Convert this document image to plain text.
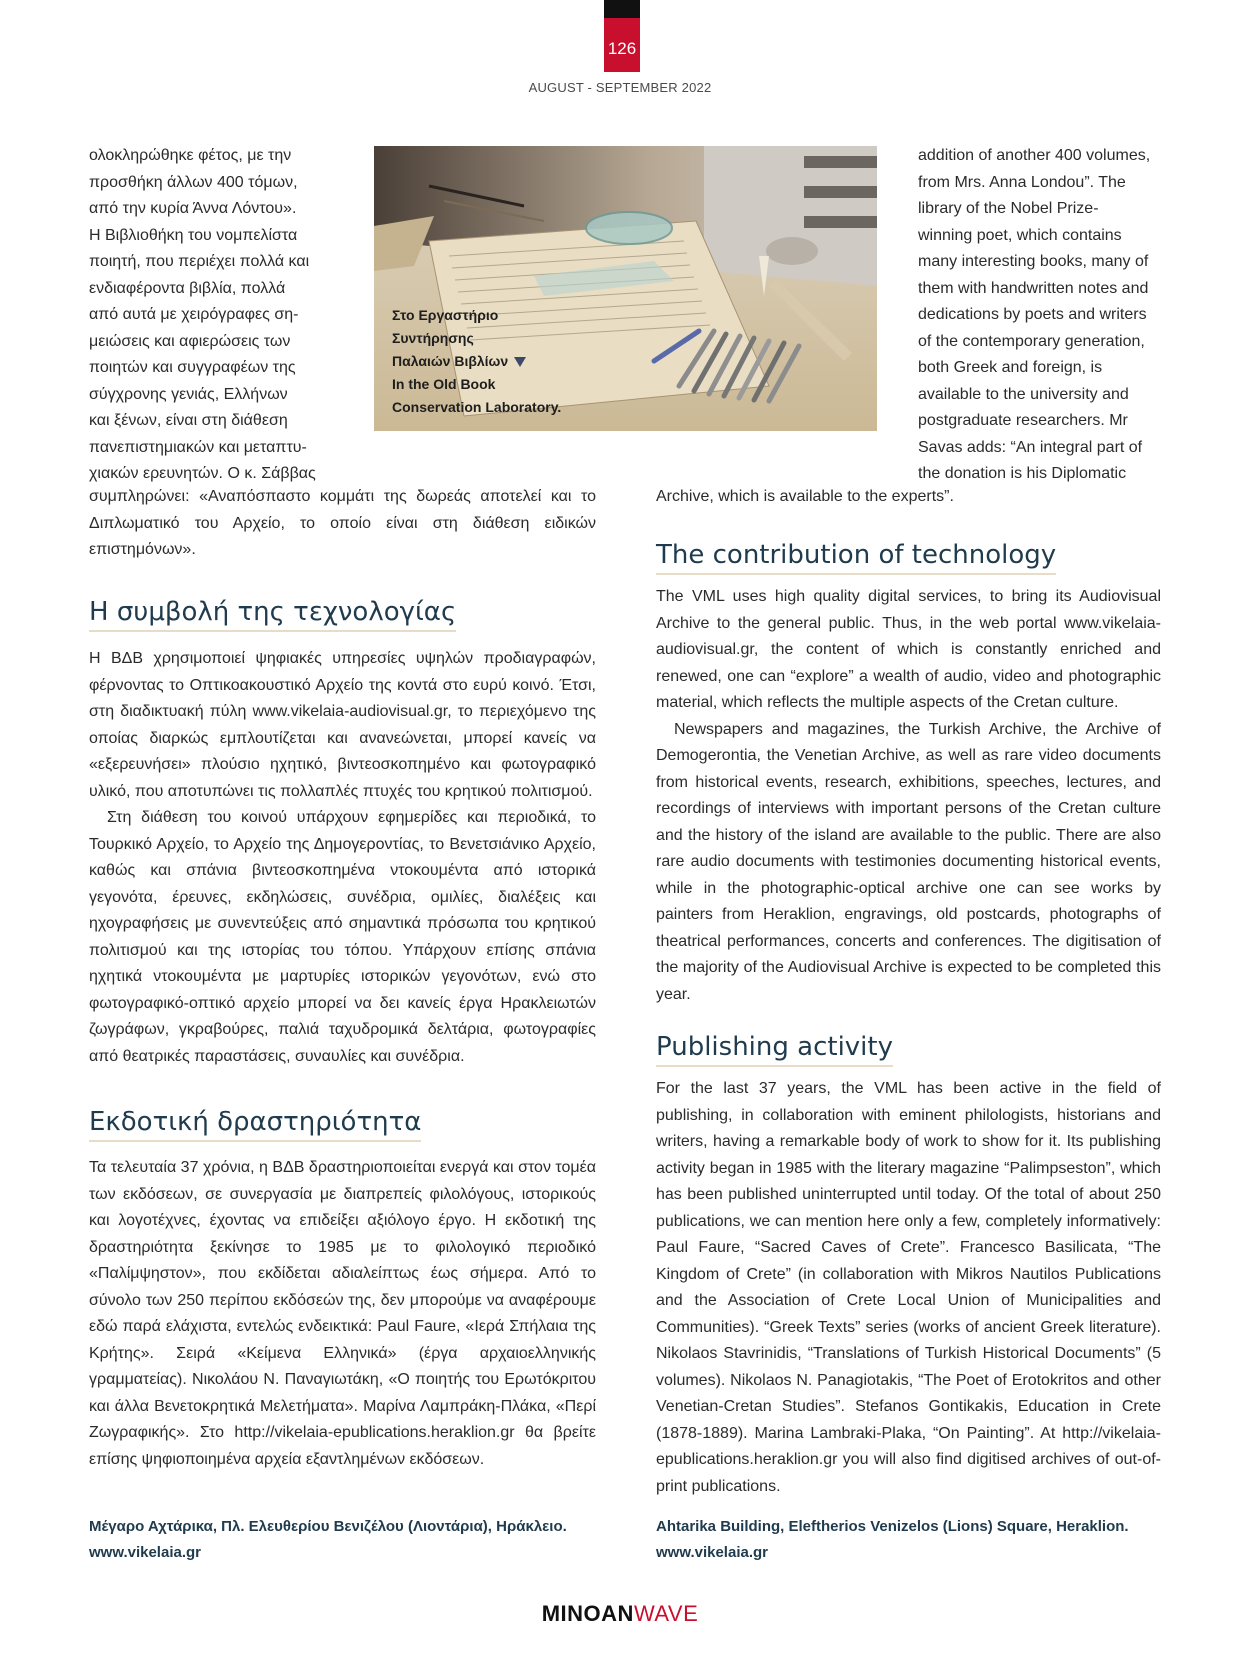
126
AUGUST - SEPTEMBER 2022
ολοκληρώθηκε φέτος, με την
προσθήκη άλλων 400 τόμων,
από την κυρία Άννα Λόντου».
Η Βιβλιοθήκη του νομπελίστα
ποιητή, που περιέχει πολλά και
ενδιαφέροντα βιβλία, πολλά
από αυτά με χειρόγραφες ση-
μειώσεις και αφιερώσεις των
ποιητών και συγγραφέων της
σύγχρονης γενιάς, Ελλήνων
και ξένων, είναι στη διάθεση
πανεπιστημιακών και μεταπτυ-
χιακών ερευνητών. Ο κ. Σάββας

συμπληρώνει: «Αναπόσπαστο κομμάτι της δωρεάς αποτελεί και το Διπλωματικό του Αρχείο, το οποίο είναι στη διάθεση ειδικών επιστημόνων».

Η συμβολή της τεχνολογίας

Η ΒΔΒ χρησιμοποιεί ψηφιακές υπηρεσίες υψηλών προδιαγραφών, φέρνοντας το Οπτικοακουστικό Αρχείο της κοντά στο ευρύ κοινό. Έτσι, στη διαδικτυακή πύλη www.vikelaia-audiovisual.gr, το περιεχόμενο της οποίας διαρκώς εμπλουτίζεται και ανανεώνεται, μπορεί κανείς να «εξερευνήσει» πλούσιο ηχητικό, βιντεοσκοπημένο και φωτογραφικό υλικό, που αποτυπώνει τις πολλαπλές πτυχές του κρητικού πολιτισμού.

Στη διάθεση του κοινού υπάρχουν εφημερίδες και περιοδικά, το Τουρκικό Αρχείο, το Αρχείο της Δημογεροντίας, το Βενετσιάνικο Αρχείο, καθώς και σπάνια βιντεοσκοπημένα ντοκουμέντα από ιστορικά γεγονότα, έρευνες, εκδηλώσεις, συνέδρια, ομιλίες, διαλέξεις και ηχογραφήσεις με συνεντεύξεις από σημαντικά πρόσωπα του κρητικού πολιτισμού και της ιστορίας του τόπου. Υπάρχουν επίσης σπάνια ηχητικά ντοκουμέντα με μαρτυρίες ιστορικών γεγονότων, ενώ στο φωτογραφικό-οπτικό αρχείο μπορεί να δει κανείς έργα Ηρακλειωτών ζωγράφων, γκραβούρες, παλιά ταχυδρομικά δελτάρια, φωτογραφίες από θεατρικές παραστάσεις, συναυλίες και συνέδρια.

Εκδοτική δραστηριότητα

Τα τελευταία 37 χρόνια, η ΒΔΒ δραστηριοποιείται ενεργά και στον τομέα των εκδόσεων, σε συνεργασία με διαπρεπείς φιλολόγους, ιστορικούς και λογοτέχνες, έχοντας να επιδείξει αξιόλογο έργο. Η εκδοτική της δραστηριότητα ξεκίνησε το 1985 με το φιλολογικό περιοδικό «Παλίμψηστον», που εκδίδεται αδιαλείπτως έως σήμερα. Από το σύνολο των 250 περίπου εκδόσεών της, δεν μπορούμε να αναφέρουμε εδώ παρά ελάχιστα, εντελώς ενδεικτικά: Paul Faure, «Ιερά Σπήλαια της Κρήτης». Σειρά «Κείμενα Ελληνικά» (έργα αρχαιοελληνικής γραμματείας). Νικολάου Ν. Παναγιωτάκη, «Ο ποιητής του Ερωτόκριτου και άλλα Βενετοκρητικά Μελετήματα». Μαρίνα Λαμπράκη-Πλάκα, «Περί Ζωγραφικής». Στο http://vikelaia-epublications.heraklion.gr θα βρείτε επίσης ψηφιοποιημένα αρχεία εξαντλημένων εκδόσεων.

Μέγαρο Αχτάρικα, Πλ. Ελευθερίου Βενιζέλου (Λιοντάρια), Ηράκλειο.
www.vikelaia.gr
Στο Εργαστήριο
Συντήρησης
Παλαιών Βιβλίων
In the Old Book
Conservation Laboratory.
addition of another 400 volumes,
from Mrs. Anna Londou”. The
library of the Nobel Prize-
winning poet, which contains
many interesting books, many of
them with handwritten notes and
dedications by poets and writers
of the contemporary generation,
both Greek and foreign, is
available to the university and
postgraduate researchers. Mr
Savas adds: “An integral part of
the donation is his Diplomatic

Archive, which is available to the experts”.

The contribution of technology

The VML uses high quality digital services, to bring its Audiovisual Archive to the general public. Thus, in the web portal www.vikelaia-audiovisual.gr, the content of which is constantly enriched and renewed, one can “explore” a wealth of audio, video and photographic material, which reflects the multiple aspects of the Cretan culture.

Newspapers and magazines, the Turkish Archive, the Archive of Demogerontia, the Venetian Archive, as well as rare video documents from historical events, research, exhibitions, speeches, lectures, and recordings of interviews with important persons of the Cretan culture and the history of the island are available to the public. There are also rare audio documents with testimonies documenting historical events, while in the photographic-optical archive one can see works by painters from Heraklion, engravings, old postcards, photographs of theatrical performances, concerts and conferences. The digitisation of the majority of the Audiovisual Archive is expected to be completed this year.

Publishing activity

For the last 37 years, the VML has been active in the field of publishing, in collaboration with eminent philologists, historians and writers, having a remarkable body of work to show for it. Its publishing activity began in 1985 with the literary magazine “Palimpseston”, which has been published uninterrupted until today. Of the total of about 250 publications, we can mention here only a few, completely informatively: Paul Faure, “Sacred Caves of Crete”. Francesco Basilicata, “The Kingdom of Crete” (in collaboration with Mikros Nautilos Publications and the Association of Crete Local Union of Municipalities and Communities). “Greek Texts” series (works of ancient Greek literature). Nikolaos Stavrinidis, “Translations of Turkish Historical Documents” (5 volumes). Nikolaos N. Panagiotakis, “The Poet of Erotokritos and other Venetian-Cretan Studies”. Stefanos Gontikakis, Education in Crete (1878-1889). Marina Lambraki-Plaka, “On Painting”. At http://vikelaia-epublications.heraklion.gr you will also find digitised archives of out-of-print publications.

Ahtarika Building, Eleftherios Venizelos (Lions) Square, Heraklion.
www.vikelaia.gr
MINOANWAVE
